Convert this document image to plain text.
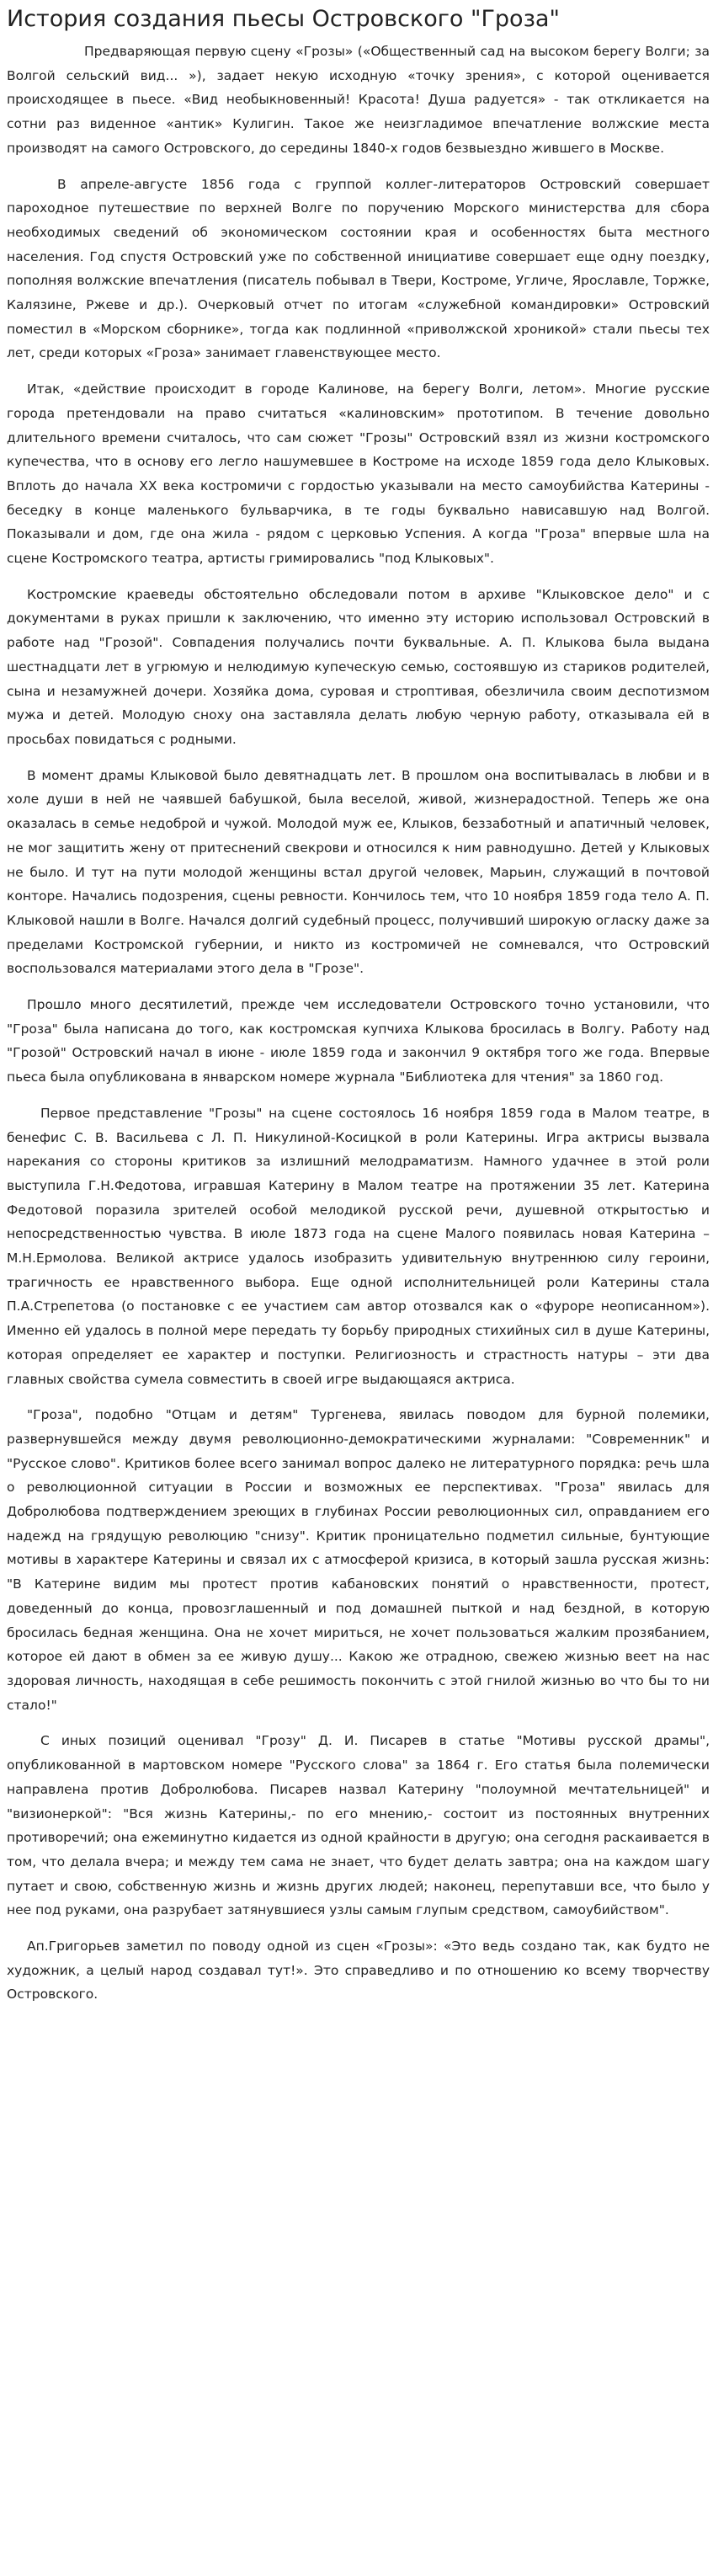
История создания пьесы Островского "Гроза"

Предваряющая первую сцену «Грозы» («Общественный сад на высоком берегу Волги; за Волгой сельский вид... »), задает некую исходную «точку зрения», с которой оценивается происходящее в пьесе. «Вид необыкновенный! Красота! Душа радуется» - так откликается на сотни раз виденное «антик» Кулигин. Такое же неизгладимое впечатление волжские места производят на самого Островского, до середины 1840-х годов безвыездно жившего в Москве.

В апреле-августе 1856 года с группой коллег-литераторов Островский совершает пароходное путешествие по верхней Волге по поручению Морского министерства для сбора необходимых сведений об экономическом состоянии края и особенностях быта местного населения. Год спустя Островский уже по собственной инициативе совершает еще одну поездку, пополняя волжские впечатления (писатель побывал в Твери, Костроме, Угличе, Ярославле, Торжке, Калязине, Ржеве и др.). Очерковый отчет по итогам «служебной командировки» Островский поместил в «Морском сборнике», тогда как подлинной «приволжской хроникой» стали пьесы тех лет, среди которых «Гроза» занимает главенствующее место.

Итак, «действие происходит в городе Калинове, на берегу Волги, летом». Многие русские города претендовали на право считаться «калиновским» прототипом. В течение довольно длительного времени считалось, что сам сюжет "Грозы" Островский взял из жизни костромского купечества, что в основу его легло нашумевшее в Костроме на исходе 1859 года дело Клыковых. Вплоть до начала XX века костромичи с гордостью указывали на место самоубийства Катерины - беседку в конце маленького бульварчика, в те годы буквально нависавшую над Волгой. Показывали и дом, где она жила - рядом с церковью Успения. А когда "Гроза" впервые шла на сцене Костромского театра, артисты гримировались "под Клыковых".

Костромские краеведы обстоятельно обследовали потом в архиве "Клыковское дело" и с документами в руках пришли к заключению, что именно эту историю использовал Островский в работе над "Грозой". Совпадения получались почти буквальные. А. П. Клыкова была выдана шестнадцати лет в угрюмую и нелюдимую купеческую семью, состоявшую из стариков родителей, сына и незамужней дочери. Хозяйка дома, суровая и строптивая, обезличила своим деспотизмом мужа и детей. Молодую сноху она заставляла делать любую черную работу, отказывала ей в просьбах повидаться с родными.

В момент драмы Клыковой было девятнадцать лет. В прошлом она воспитывалась в любви и в холе души в ней не чаявшей бабушкой, была веселой, живой, жизнерадостной. Теперь же она оказалась в семье недоброй и чужой. Молодой муж ее, Клыков, беззаботный и апатичный человек, не мог защитить жену от притеснений свекрови и относился к ним равнодушно. Детей у Клыковых не было. И тут на пути молодой женщины встал другой человек, Марьин, служащий в почтовой конторе. Начались подозрения, сцены ревности. Кончилось тем, что 10 ноября 1859 года тело А. П. Клыковой нашли в Волге. Начался долгий судебный процесс, получивший широкую огласку даже за пределами Костромской губернии, и никто из костромичей не сомневался, что Островский воспользовался материалами этого дела в "Грозе".

Прошло много десятилетий, прежде чем исследователи Островского точно установили, что "Гроза" была написана до того, как костромская купчиха Клыкова бросилась в Волгу. Работу над "Грозой" Островский начал в июне - июле 1859 года и закончил 9 октября того же года. Впервые пьеса была опубликована в январском номере журнала "Библиотека для чтения" за 1860 год.

Первое представление "Грозы" на сцене состоялось 16 ноября 1859 года в Малом театре, в бенефис С. В. Васильева с Л. П. Никулиной-Косицкой в роли Катерины. Игра актрисы вызвала нарекания со стороны критиков за излишний мелодраматизм. Намного удачнее в этой роли выступила Г.Н.Федотова, игравшая Катерину в Малом театре на протяжении 35 лет. Катерина Федотовой поразила зрителей особой мелодикой русской речи, душевной открытостью и непосредственностью чувства. В июле 1873 года на сцене Малого появилась новая Катерина – М.Н.Ермолова. Великой актрисе удалось изобразить удивительную внутреннюю силу героини, трагичность ее нравственного выбора. Еще одной исполнительницей роли Катерины стала П.А.Стрепетова (о постановке с ее участием сам автор отозвался как о «фуроре неописанном»). Именно ей удалось в полной мере передать ту борьбу природных стихийных сил в душе Катерины, которая определяет ее характер и поступки. Религиозность и страстность натуры – эти два главных свойства сумела совместить в своей игре выдающаяся актриса.

"Гроза", подобно "Отцам и детям" Тургенева, явилась поводом для бурной полемики, развернувшейся между двумя революционно-демократическими журналами: "Современник" и "Русское слово". Критиков более всего занимал вопрос далеко не литературного порядка: речь шла о революционной ситуации в России и возможных ее перспективах. "Гроза" явилась для Добролюбова подтверждением зреющих в глубинах России революционных сил, оправданием его надежд на грядущую революцию "снизу". Критик проницательно подметил сильные, бунтующие мотивы в характере Катерины и связал их с атмосферой кризиса, в который зашла русская жизнь: "В Катерине видим мы протест против кабановских понятий о нравственности, протест, доведенный до конца, провозглашенный и под домашней пыткой и над бездной, в которую бросилась бедная женщина. Она не хочет мириться, не хочет пользоваться жалким прозябанием, которое ей дают в обмен за ее живую душу... Какою же отрадною, свежею жизнью веет на нас здоровая личность, находящая в себе решимость покончить с этой гнилой жизнью во что бы то ни стало!"

С иных позиций оценивал "Грозу" Д. И. Писарев в статье "Мотивы русской драмы", опубликованной в мартовском номере "Русского слова" за 1864 г. Его статья была полемически направлена против Добролюбова. Писарев назвал Катерину "полоумной мечтательницей" и "визионеркой": "Вся жизнь Катерины,- по его мнению,- состоит из постоянных внутренних противоречий; она ежеминутно кидается из одной крайности в другую; она сегодня раскаивается в том, что делала вчера; и между тем сама не знает, что будет делать завтра; она на каждом шагу путает и свою, собственную жизнь и жизнь других людей; наконец, перепутавши все, что было у нее под руками, она разрубает затянувшиеся узлы самым глупым средством, самоубийством".

Ап.Григорьев заметил по поводу одной из сцен «Грозы»: «Это ведь создано так, как будто не художник, а целый народ создавал тут!». Это справедливо и по отношению ко всему творчеству Островского.
